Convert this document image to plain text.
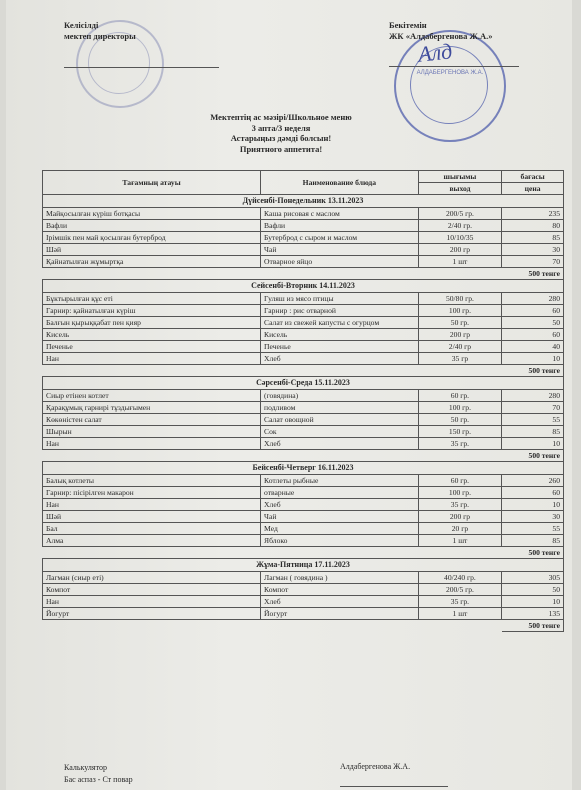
АЛДАБЕРГЕНОВА Ж.А.
Алд
Келісілді
мектеп директоры
Бекітемін
ЖК «Алдабергенова Ж.А.»
Мектептің ас мәзірі/Школьное меню
3 апта/3 неделя
Астарыңыз дәмді болсын!
Приятного аппетита!
Тағамның атауы	Наименование блюда	шығымы	бағасы
		выход	цена
Дүйсенбі-Понедельник 13.11.2023			
Майқосылған күріш ботқасы	Каша рисовая с маслом	200/5 гр.	235
Вафли	Вафли	2/40 гр.	80
Ірімшік пен май қосылған бутерброд	Бутерброд с сыром и маслом	10/10/35	85
Шәй	Чай	200 гр	30
Қайнатылған жұмыртқа	Отварное яйцо	1 шт	70
			500 тенге
Сейсенбі-Вторник 14.11.2023			
Бұктырылған құс еті	Гуляш из мясо птицы	50/80 гр.	280
Гарнир: қайнатылған күріш	Гарнир : рис отварной	100 гр.	60
Балғын қырыққабат пен қияр	Салат из свежей капусты с огурцом	50 гр.	50
Кисель	Кисель	200 гр	60
Печенье	Печенье	2/40 гр	40
Нан	Хлеб	35 гр	10
			500 тенге
Сәрсенбі-Среда 15.11.2023			
Сиыр етінен котлет	(говядина)	60 гр.	280
Қарақұмық гарнирі тұздығымен	подливом	100 гр.	70
Көкөністен салат	Салат овощной	50 гр.	55
Шырын	Сок	150 гр.	85
Нан	Хлеб	35 гр.	10
			500 тенге
Бейсенбі-Четверг 16.11.2023			
Балық котлеты	Котлеты рыбные	60 гр.	260
Гарнир: пісірілген макарон	отварные	100 гр.	60
Нан	Хлеб	35 гр.	10
Шәй	Чай	200 гр	30
Бал	Мед	20 гр	55
Алма	Яблоко	1 шт	85
			500 тенге
Жұма-Пятница 17.11.2023			
Лагман (сиыр еті)	Лагман ( говядина )	40/240 гр.	305
Компот	Компот	200/5 гр.	50
Нан	Хлеб	35 гр.	10
Йогурт	Йогурт	1 шт	135
			500 тенге
Калькулятор
Бас аспаз - Ст повар
Алдабергенова Ж.А.
